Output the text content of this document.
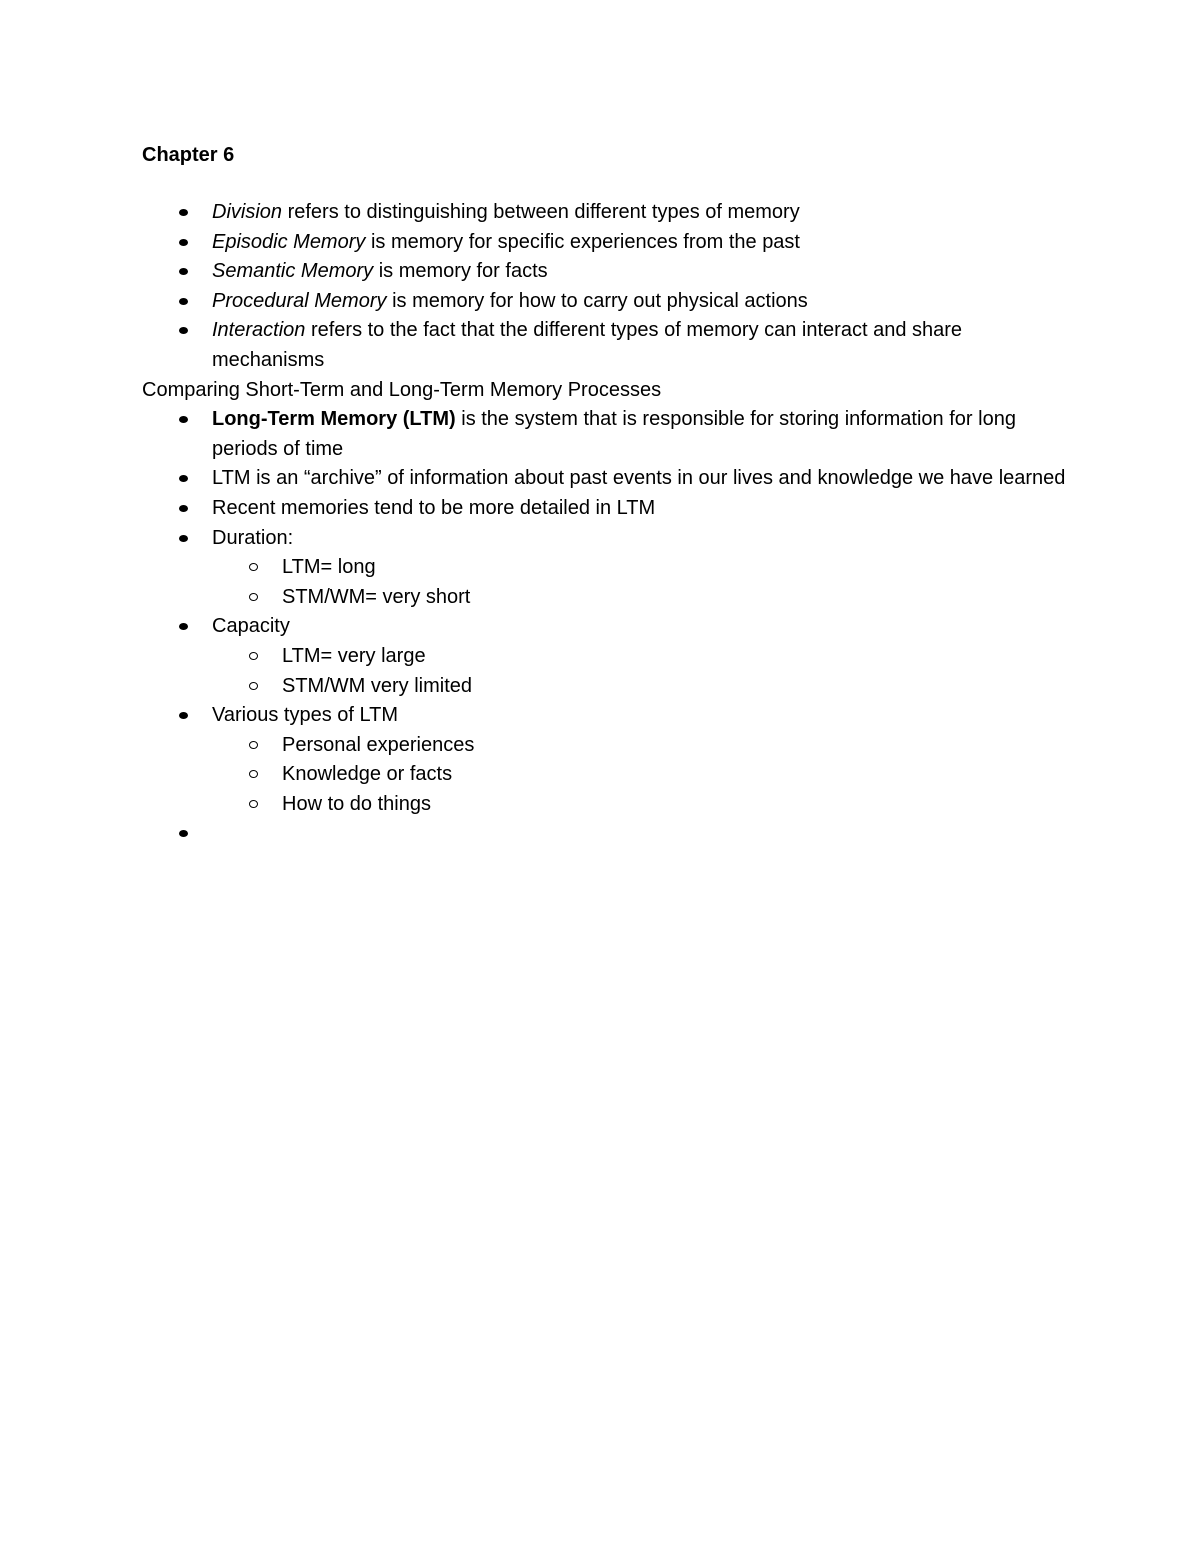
Chapter 6
Division refers to distinguishing between different types of memory
Episodic Memory is memory for specific experiences from the past
Semantic Memory is memory for facts
Procedural Memory is memory for how to carry out physical actions
Interaction refers to the fact that the different types of memory can interact and share mechanisms

Comparing Short-Term and Long-Term Memory Processes

Long-Term Memory (LTM) is the system that is responsible for storing information for long periods of time
LTM is an “archive” of information about past events in our lives and knowledge we have learned
Recent memories tend to be more detailed in LTM
Duration:
LTM= long
STM/WM= very short
Capacity
LTM= very large
STM/WM very limited
Various types of LTM
Personal experiences
Knowledge or facts
How to do things
